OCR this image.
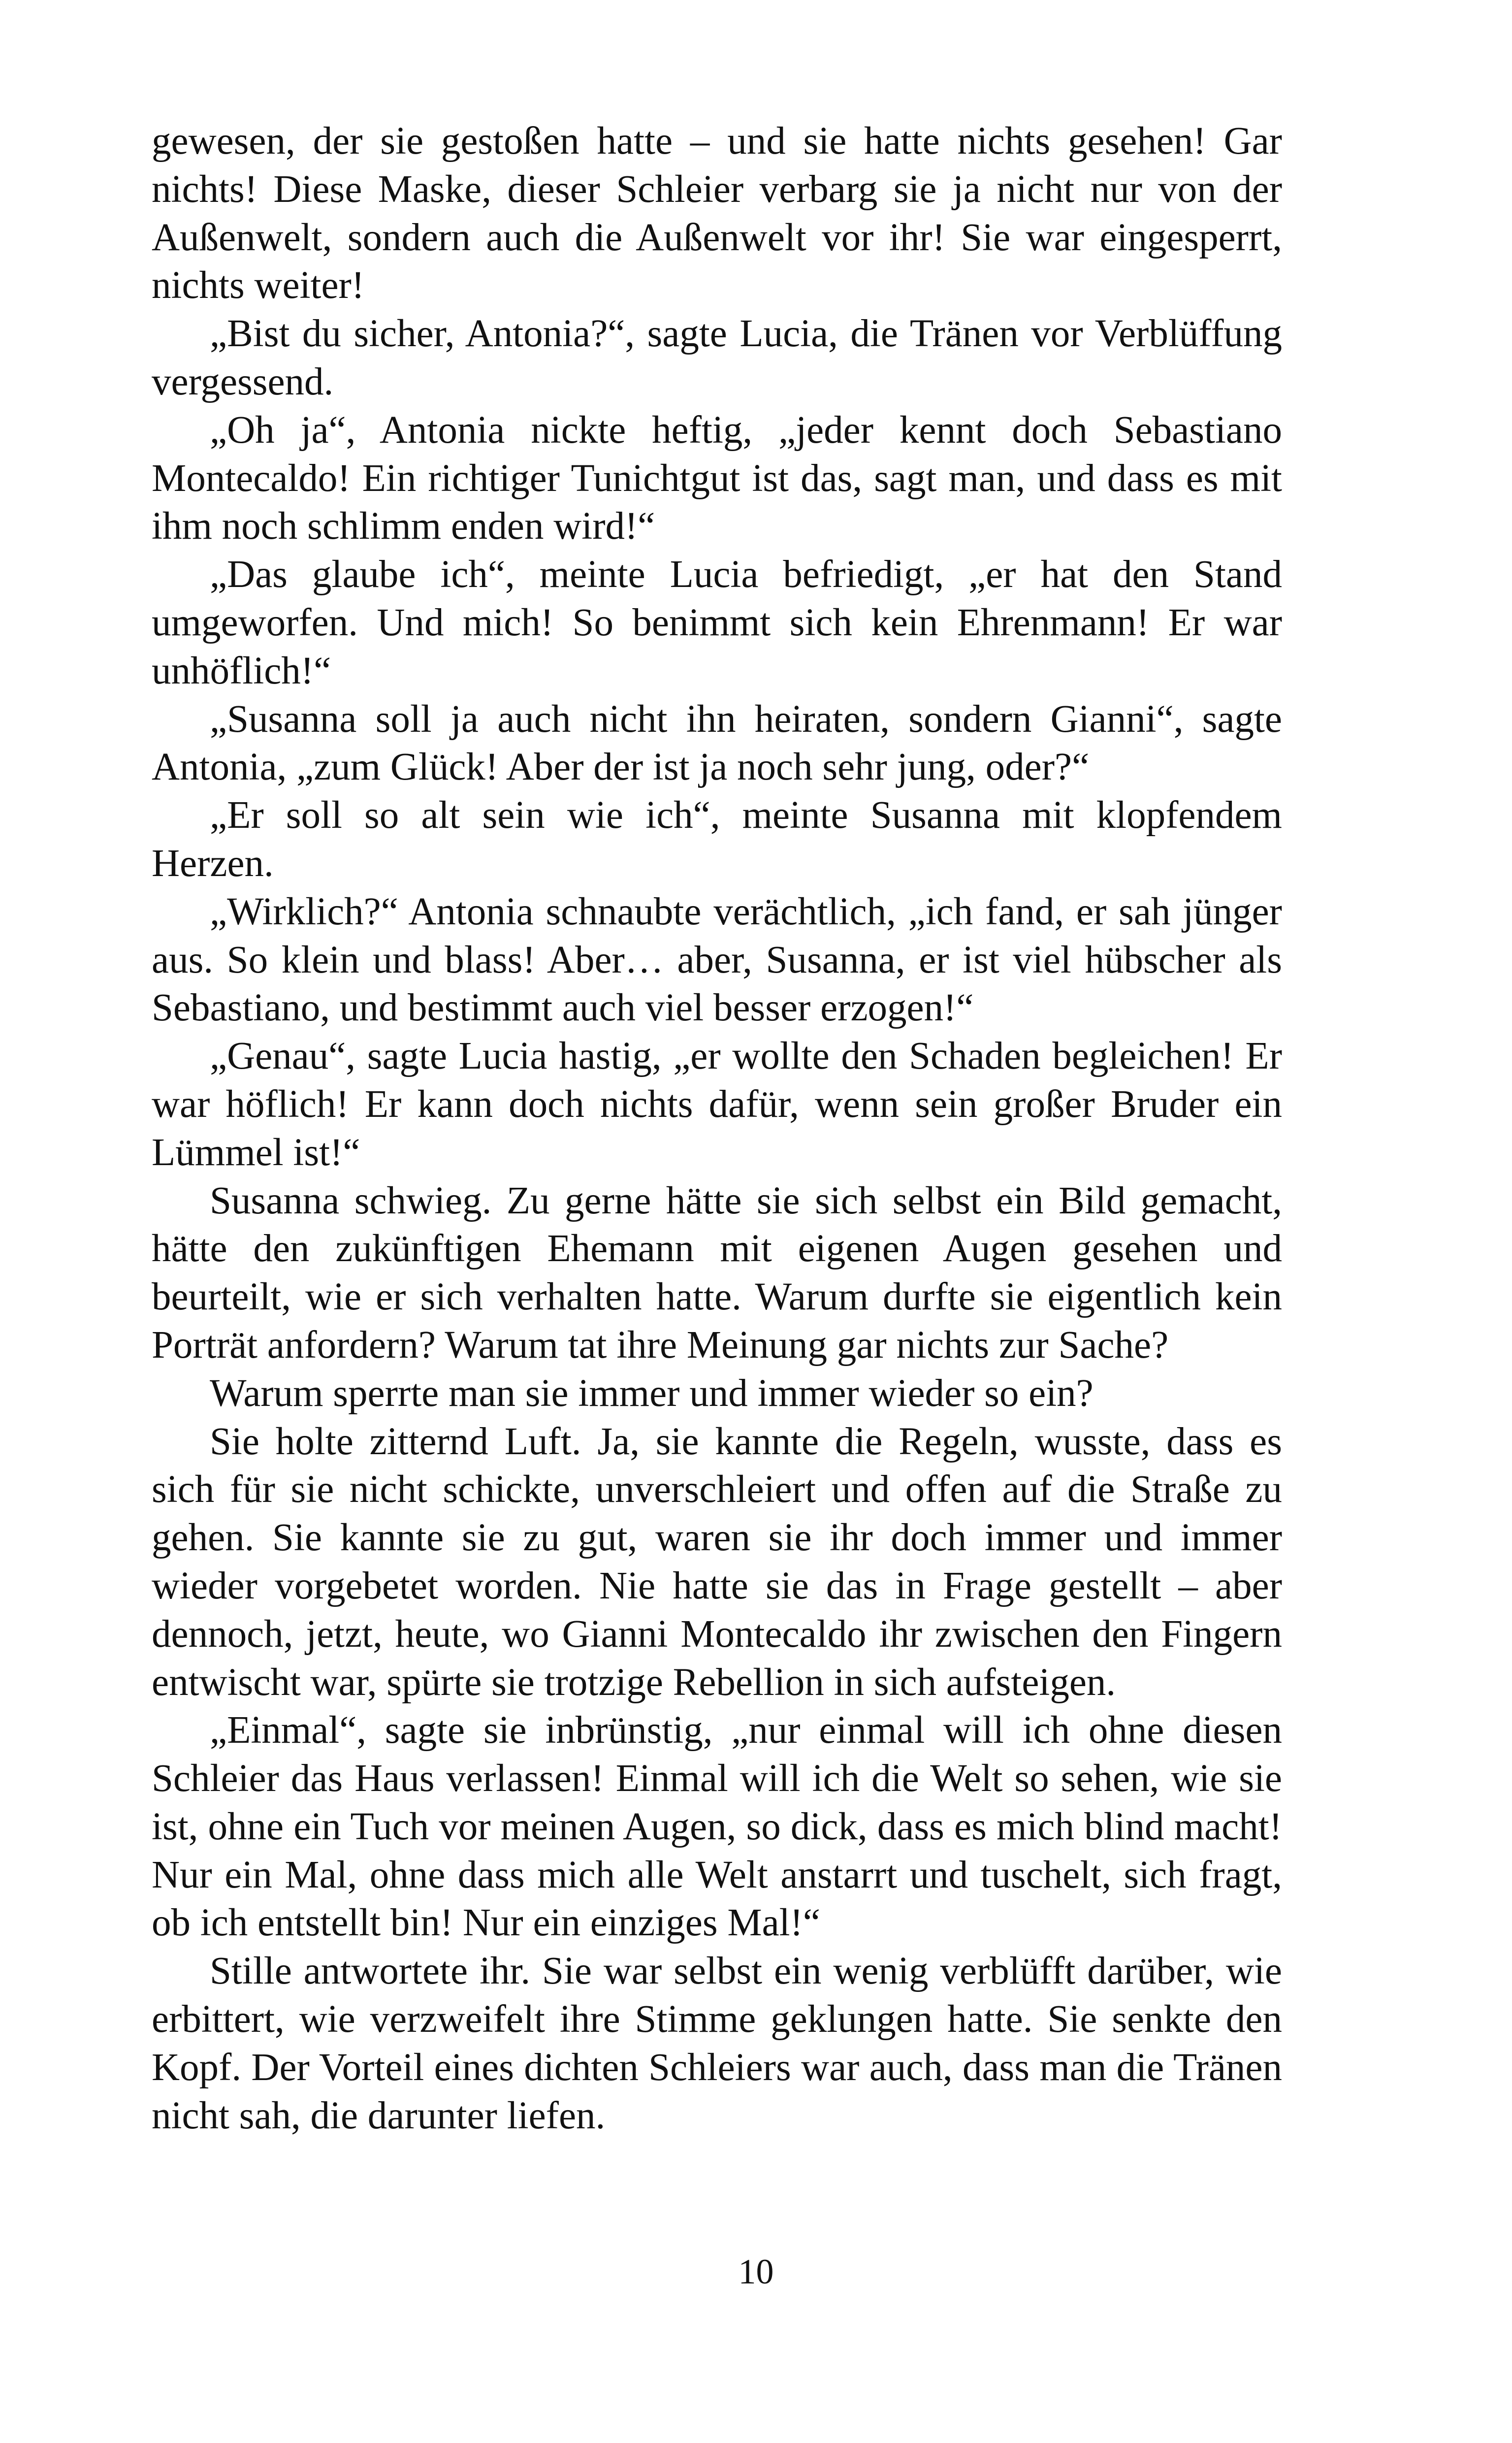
gewesen, der sie gestoßen hatte – und sie hatte nichts gesehen! Gar nichts! Diese Maske, dieser Schleier verbarg sie ja nicht nur von der Außenwelt, sondern auch die Außenwelt vor ihr! Sie war eingesperrt, nichts weiter!

„Bist du sicher, Antonia?“, sagte Lucia, die Tränen vor Verblüffung vergessend.

„Oh ja“, Antonia nickte heftig, „jeder kennt doch Sebastiano Montecaldo! Ein richtiger Tunichtgut ist das, sagt man, und dass es mit ihm noch schlimm enden wird!“

„Das glaube ich“, meinte Lucia befriedigt, „er hat den Stand umgeworfen. Und mich! So benimmt sich kein Ehrenmann! Er war unhöflich!“

„Susanna soll ja auch nicht ihn heiraten, sondern Gianni“, sagte Antonia, „zum Glück! Aber der ist ja noch sehr jung, oder?“

„Er soll so alt sein wie ich“, meinte Susanna mit klopfendem Herzen.

„Wirklich?“ Antonia schnaubte verächtlich, „ich fand, er sah jünger aus. So klein und blass! Aber… aber, Susanna, er ist viel hübscher als Sebastiano, und bestimmt auch viel besser erzogen!“

„Genau“, sagte Lucia hastig, „er wollte den Schaden begleichen! Er war höflich! Er kann doch nichts dafür, wenn sein großer Bruder ein Lümmel ist!“

Susanna schwieg. Zu gerne hätte sie sich selbst ein Bild gemacht, hätte den zukünftigen Ehemann mit eigenen Augen gesehen und beurteilt, wie er sich verhalten hatte. Warum durfte sie eigentlich kein Porträt anfordern? Warum tat ihre Meinung gar nichts zur Sache?

Warum sperrte man sie immer und immer wieder so ein?

Sie holte zitternd Luft. Ja, sie kannte die Regeln, wusste, dass es sich für sie nicht schickte, unverschleiert und offen auf die Straße zu gehen. Sie kannte sie zu gut, waren sie ihr doch immer und immer wieder vorgebetet worden. Nie hatte sie das in Frage gestellt – aber dennoch, jetzt, heute, wo Gianni Montecaldo ihr zwischen den Fingern entwischt war, spürte sie trotzige Rebellion in sich aufsteigen.

„Einmal“, sagte sie inbrünstig, „nur einmal will ich ohne diesen Schleier das Haus verlassen! Einmal will ich die Welt so sehen, wie sie ist, ohne ein Tuch vor meinen Augen, so dick, dass es mich blind macht! Nur ein Mal, ohne dass mich alle Welt anstarrt und tuschelt, sich fragt, ob ich entstellt bin! Nur ein einziges Mal!“

Stille antwortete ihr. Sie war selbst ein wenig verblüfft darüber, wie erbittert, wie verzweifelt ihre Stimme geklungen hatte. Sie senkte den Kopf. Der Vorteil eines dichten Schleiers war auch, dass man die Tränen nicht sah, die darunter liefen.

10
